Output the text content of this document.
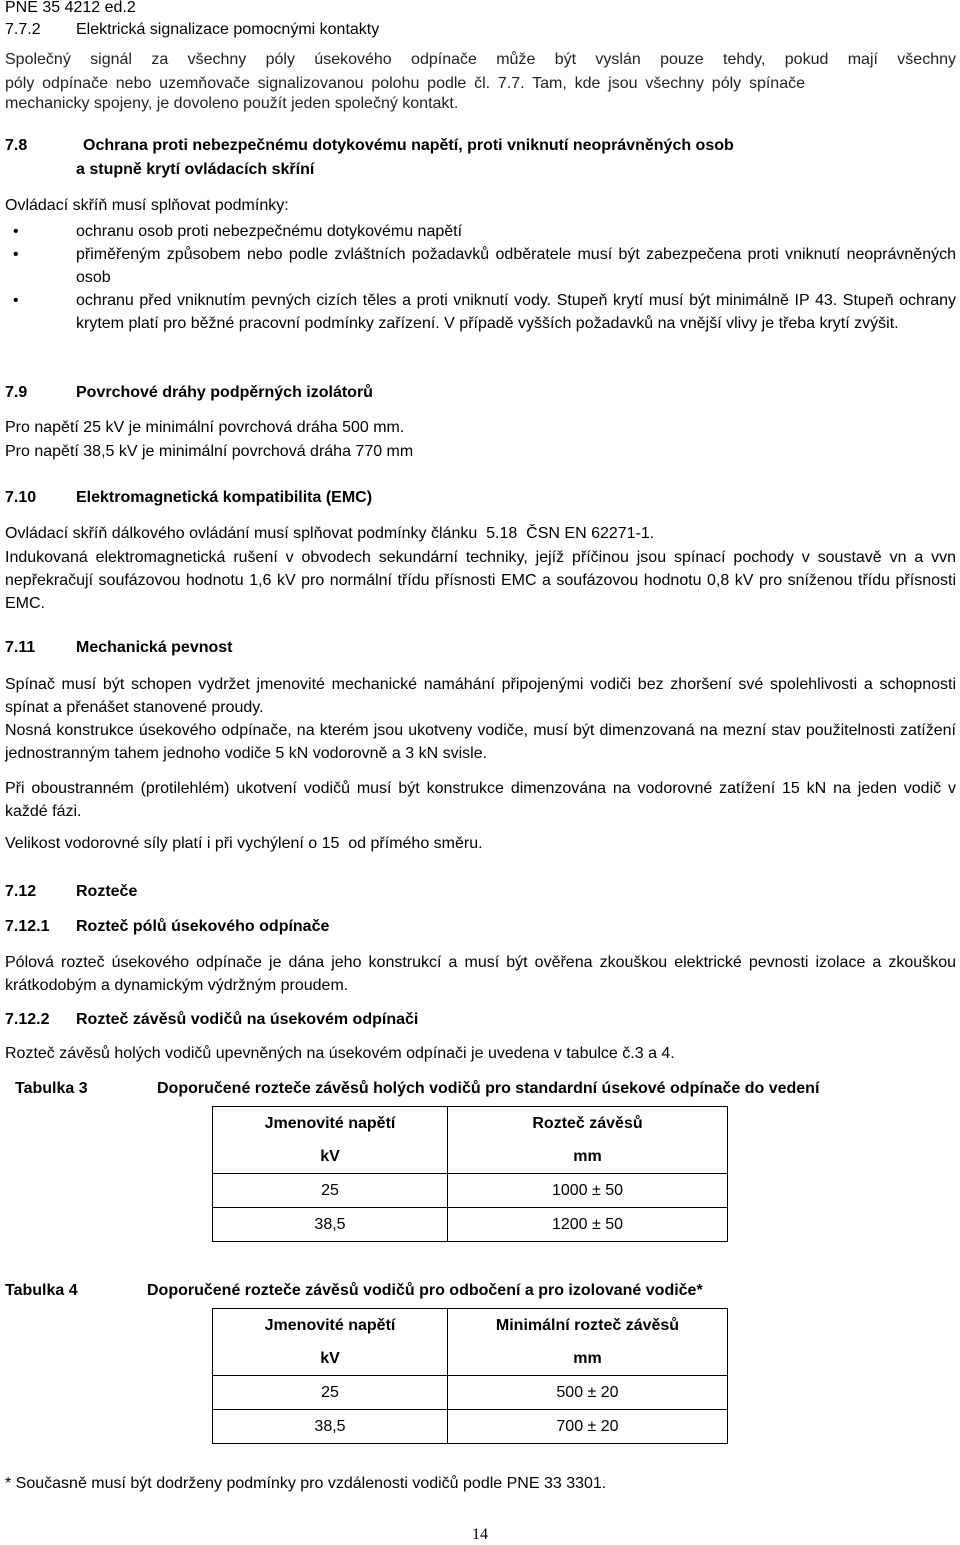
PNE 35 4212 ed.2
7.7.2 Elektrická signalizace pomocnými kontakty

Společný signál za všechny póly úsekového odpínače může být vyslán pouze tehdy, pokud mají všechny

póly odpínače nebo uzemňovače signalizovanou polohu podle čl. 7.7. Tam, kde jsou všechny póly spínače mechanicky spojeny, je dovoleno použít jeden společný kontakt.

7.8	Ochrana proti nebezpečnému dotykovému napětí, proti vniknutí neoprávněných osob
a stupně krytí ovládacích skříní
Ovládací skříň musí splňovat podmínky:
•	ochranu osob proti nebezpečnému dotykovému napětí
•	přiměřeným způsobem nebo podle zvláštních požadavků odběratele musí být zabezpečena proti vniknutí neoprávněných osob
•	ochranu před vniknutím pevných cizích těles a proti vniknutí vody. Stupeň krytí musí být minimálně IP 43. Stupeň ochrany krytem platí pro běžné pracovní podmínky zařízení. V případě vyšších požadavků na vnější vlivy je třeba krytí zvýšit.
7.9	Povrchové dráhy podpěrných izolátorů
Pro napětí 25 kV je minimální povrchová dráha 500 mm.
Pro napětí 38,5 kV je minimální povrchová dráha 770 mm
7.10 Elektromagnetická kompatibilita (EMC)
Ovládací skříň dálkového ovládání musí splňovat podmínky článku  5.18  ČSN EN 62271-1.

Indukovaná elektromagnetická rušení v obvodech sekundární techniky, jejíž příčinou jsou spínací pochody v soustavě vn a vvn nepřekračují soufázovou hodnotu 1,6 kV pro normální třídu přísnosti EMC a soufázovou hodnotu 0,8 kV pro sníženou třídu přísnosti EMC.

7.11	Mechanická pevnost

Spínač musí být schopen vydržet jmenovité mechanické namáhání připojenými vodiči bez zhoršení své spolehlivosti a schopnosti spínat a přenášet stanovené proudy.

Nosná konstrukce úsekového odpínače, na kterém jsou ukotveny vodiče, musí být dimenzovaná na mezní stav použitelnosti zatížení jednostranným tahem jednoho vodiče 5 kN vodorovně a 3 kN svisle.

Při oboustranném (protilehlém) ukotvení vodičů musí být konstrukce dimenzována na vodorovné zatížení 15 kN na jeden vodič v každé fázi.

Velikost vodorovné síly platí i při vychýlení o 15  od přímého směru.
7.12 Rozteče
7.12.1 Rozteč pólů úsekového odpínače

Pólová rozteč úsekového odpínače je dána jeho konstrukcí a musí být ověřena zkouškou elektrické pevnosti izolace a zkouškou krátkodobým a dynamickým výdržným proudem.

7.12.2 Rozteč závěsů vodičů na úsekovém odpínači
Rozteč závěsů holých vodičů upevněných na úsekovém odpínači je uvedena v tabulce č.3 a 4.
Tabulka 3	Doporučené rozteče závěsů holých vodičů pro standardní úsekové odpínače do vedení
Jmenovité napětí	Rozteč závěsů
kV	mm
25	1000 ± 50
38,5	1200 ± 50
Tabulka 4	Doporučené rozteče závěsů vodičů pro odbočení a pro izolované vodiče*
Jmenovité napětí	Minimální rozteč závěsů
kV	mm
25	500 ± 20
38,5	700 ± 20
* Současně musí být dodrženy podmínky pro vzdálenosti vodičů podle PNE 33 3301.
14
